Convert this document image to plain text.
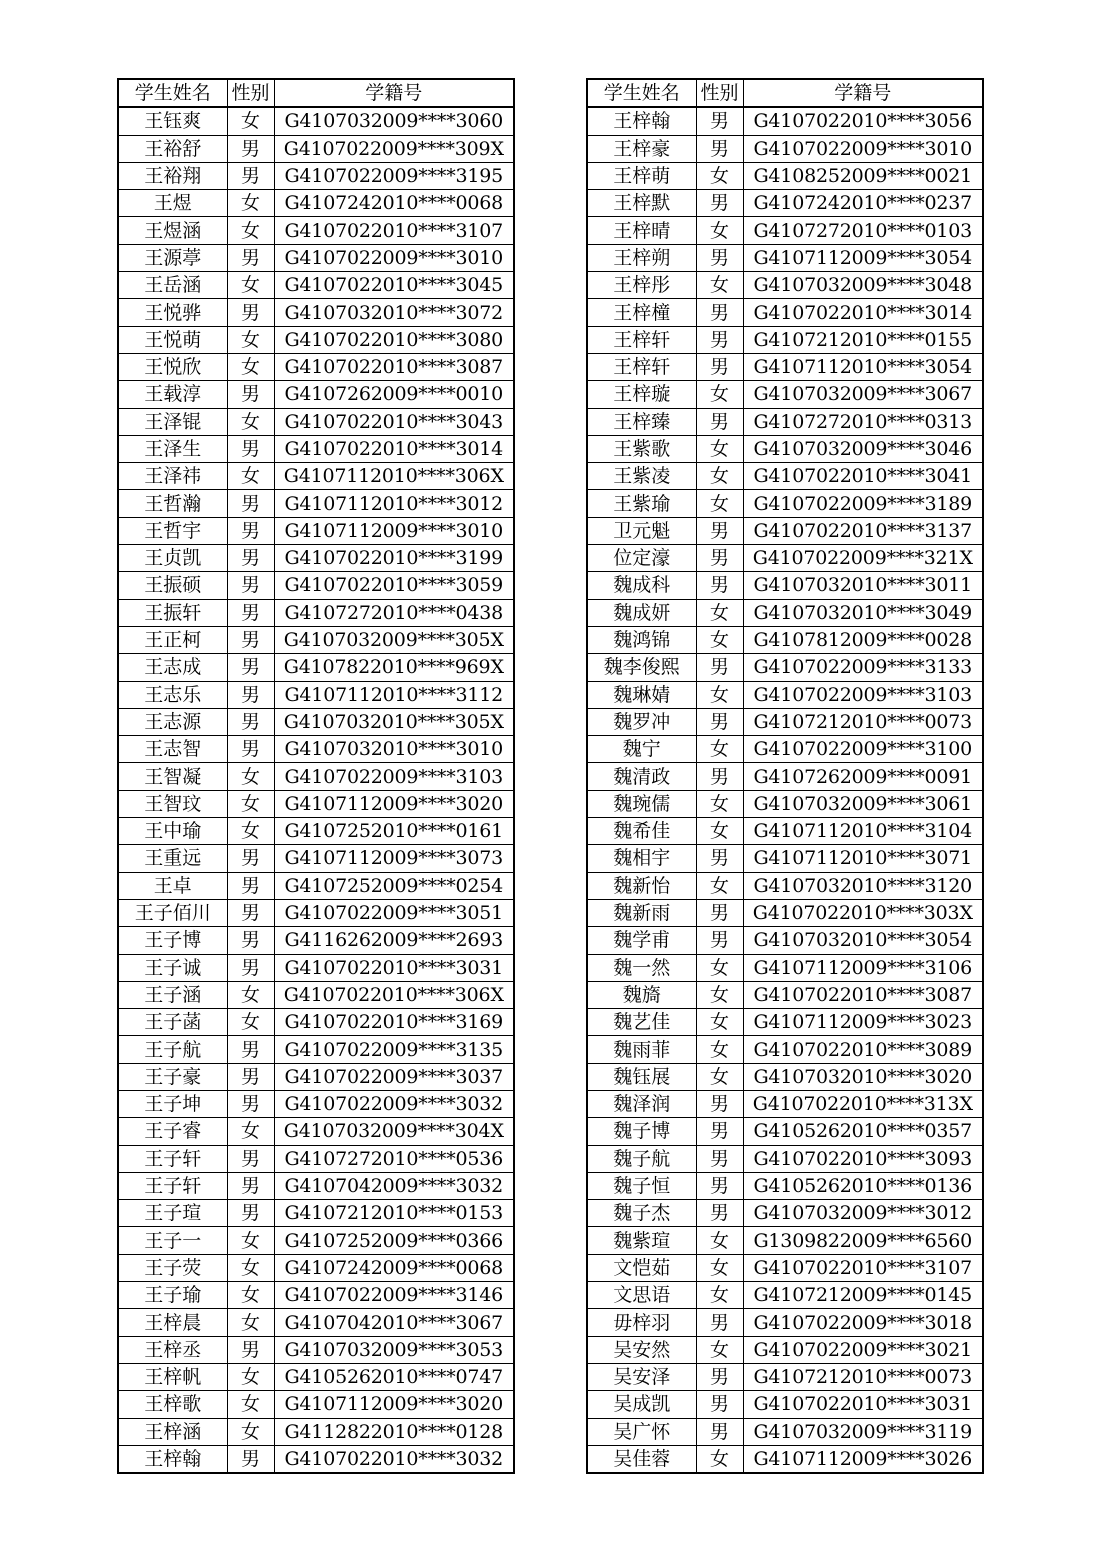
学生姓名	性别	学籍号
王钰爽	女	G4107032009****3060
王裕舒	男	G4107022009****309X
王裕翔	男	G4107022009****3195
王煜	女	G4107242010****0068
王煜涵	女	G4107022010****3107
王源葶	男	G4107022009****3010
王岳涵	女	G4107022010****3045
王悦骅	男	G4107032010****3072
王悦萌	女	G4107022010****3080
王悦欣	女	G4107022010****3087
王载淳	男	G4107262009****0010
王泽锟	女	G4107022010****3043
王泽生	男	G4107022010****3014
王泽祎	女	G4107112010****306X
王哲瀚	男	G4107112010****3012
王哲宇	男	G4107112009****3010
王贞凯	男	G4107022010****3199
王振硕	男	G4107022010****3059
王振轩	男	G4107272010****0438
王正柯	男	G4107032009****305X
王志成	男	G4107822010****969X
王志乐	男	G4107112010****3112
王志源	男	G4107032010****305X
王志智	男	G4107032010****3010
王智凝	女	G4107022009****3103
王智玟	女	G4107112009****3020
王中瑜	女	G4107252010****0161
王重远	男	G4107112009****3073
王卓	男	G4107252009****0254
王子佰川	男	G4107022009****3051
王子博	男	G4116262009****2693
王子诚	男	G4107022010****3031
王子涵	女	G4107022010****306X
王子菡	女	G4107022010****3169
王子航	男	G4107022009****3135
王子豪	男	G4107022009****3037
王子坤	男	G4107022009****3032
王子睿	女	G4107032009****304X
王子轩	男	G4107272010****0536
王子轩	男	G4107042009****3032
王子瑄	男	G4107212010****0153
王子一	女	G4107252009****0366
王子荧	女	G4107242009****0068
王子瑜	女	G4107022009****3146
王梓晨	女	G4107042010****3067
王梓丞	男	G4107032009****3053
王梓帆	女	G4105262010****0747
王梓歌	女	G4107112009****3020
王梓涵	女	G4112822010****0128
王梓翰	男	G4107022010****3032
学生姓名	性别	学籍号
王梓翰	男	G4107022010****3056
王梓豪	男	G4107022009****3010
王梓萌	女	G4108252009****0021
王梓默	男	G4107242010****0237
王梓晴	女	G4107272010****0103
王梓朔	男	G4107112009****3054
王梓彤	女	G4107032009****3048
王梓橦	男	G4107022010****3014
王梓轩	男	G4107212010****0155
王梓轩	男	G4107112010****3054
王梓璇	女	G4107032009****3067
王梓臻	男	G4107272010****0313
王紫歌	女	G4107032009****3046
王紫凌	女	G4107022010****3041
王紫瑜	女	G4107022009****3189
卫元魁	男	G4107022010****3137
位定濠	男	G4107022009****321X
魏成科	男	G4107032010****3011
魏成妍	女	G4107032010****3049
魏鸿锦	女	G4107812009****0028
魏李俊熙	男	G4107022009****3133
魏琳婧	女	G4107022009****3103
魏罗冲	男	G4107212010****0073
魏宁	女	G4107022009****3100
魏清政	男	G4107262009****0091
魏琬儒	女	G4107032009****3061
魏希佳	女	G4107112010****3104
魏相宇	男	G4107112010****3071
魏新怡	女	G4107032010****3120
魏新雨	男	G4107022010****303X
魏学甫	男	G4107032010****3054
魏一然	女	G4107112009****3106
魏旖	女	G4107022010****3087
魏艺佳	女	G4107112009****3023
魏雨菲	女	G4107022010****3089
魏钰展	女	G4107032010****3020
魏泽润	男	G4107022010****313X
魏子博	男	G4105262010****0357
魏子航	男	G4107022010****3093
魏子恒	男	G4105262010****0136
魏子杰	男	G4107032009****3012
魏紫瑄	女	G1309822009****6560
文恺茹	女	G4107022010****3107
文思语	女	G4107212009****0145
毋梓羽	男	G4107022009****3018
吴安然	女	G4107022009****3021
吴安泽	男	G4107212010****0073
吴成凯	男	G4107022010****3031
吴广怀	男	G4107032009****3119
吴佳蓉	女	G4107112009****3026
